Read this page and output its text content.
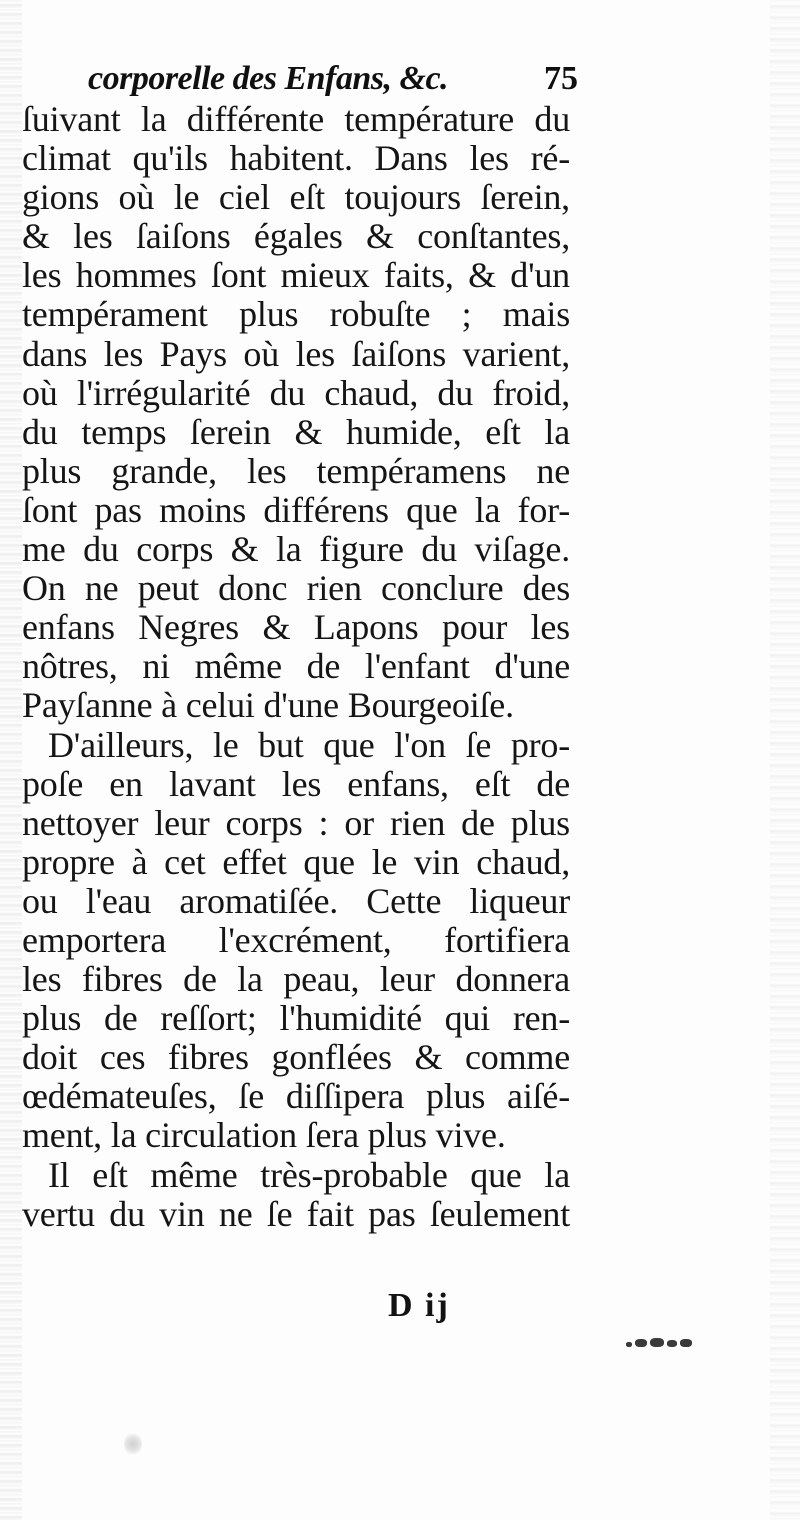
corporelle des Enfans, &c.	75
ſuivant la différente température du
climat qu'ils habitent. Dans les ré-
gions où le ciel eſt toujours ſerein,
& les ſaiſons égales & conſtantes,
les hommes ſont mieux faits, & d'un
tempérament plus robuſte ; mais
dans les Pays où les ſaiſons varient,
où l'irrégularité du chaud, du froid,
du temps ſerein & humide, eſt la
plus grande, les tempéramens ne
ſont pas moins différens que la for-
me du corps & la figure du viſage.
On ne peut donc rien conclure des
enfans Negres & Lapons pour les
nôtres, ni même de l'enfant d'une
Payſanne à celui d'une Bourgeoiſe.
D'ailleurs, le but que l'on ſe pro-
poſe en lavant les enfans, eſt de
nettoyer leur corps : or rien de plus
propre à cet effet que le vin chaud,
ou l'eau aromatiſée. Cette liqueur
emportera l'excrément, fortifiera
les fibres de la peau, leur donnera
plus de reſſort; l'humidité qui ren-
doit ces fibres gonflées & comme
œdémateuſes, ſe diſſipera plus aiſé-
ment, la circulation ſera plus vive.
Il eſt même très-probable que la
vertu du vin ne ſe fait pas ſeulement
D ij
